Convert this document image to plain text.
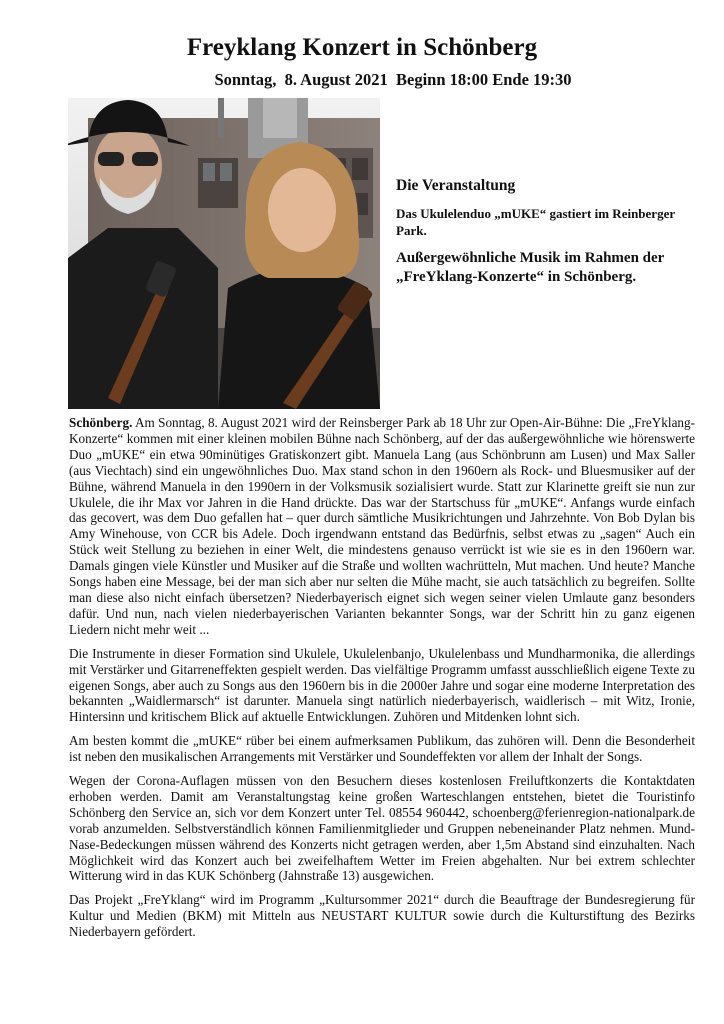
Freyklang Konzert in Schönberg
Sonntag,  8. August 2021  Beginn 18:00 Ende 19:30
Die Veranstaltung
Das Ukulelenduo „mUKE“ gastiert im Reinberger Park.
Außergewöhnliche Musik im Rahmen der „FreYklang-Konzerte“ in Schönberg.

Schönberg. Am Sonntag, 8. August 2021 wird der Reinsberger Park ab 18 Uhr zur Open-Air-Bühne: Die „FreYklang-Konzerte“ kommen mit einer kleinen mobilen Bühne nach Schönberg, auf der das außergewöhnliche wie hörenswerte Duo „mUKE“ ein etwa 90minütiges Gratiskonzert gibt. Manuela Lang (aus Schönbrunn am Lusen) und Max Saller (aus Viechtach) sind ein ungewöhnliches Duo. Max stand schon in den 1960ern als Rock- und Bluesmusiker auf der Bühne, während Manuela in den 1990ern in der Volksmusik sozialisiert wurde. Statt zur Klarinette greift sie nun zur Ukulele, die ihr Max vor Jahren in die Hand drückte. Das war der Startschuss für „mUKE“. Anfangs wurde einfach das gecovert, was dem Duo gefallen hat – quer durch sämtliche Musikrichtungen und Jahrzehnte. Von Bob Dylan bis Amy Winehouse, von CCR bis Adele. Doch irgendwann entstand das Bedürfnis, selbst etwas zu „sagen“ Auch ein Stück weit Stellung zu beziehen in einer Welt, die mindestens genauso verrückt ist wie sie es in den 1960ern war. Damals gingen viele Künstler und Musiker auf die Straße und wollten wachrütteln, Mut machen. Und heute? Manche Songs haben eine Message, bei der man sich aber nur selten die Mühe macht, sie auch tatsächlich zu begreifen. Sollte man diese also nicht einfach übersetzen? Niederbayerisch eignet sich wegen seiner vielen Umlaute ganz besonders dafür. Und nun, nach vielen niederbayerischen Varianten bekannter Songs, war der Schritt hin zu ganz eigenen Liedern nicht mehr weit ...

Die Instrumente in dieser Formation sind Ukulele, Ukulelenbanjo, Ukulelenbass und Mundharmonika, die allerdings mit Verstärker und Gitarreneffekten gespielt werden. Das vielfältige Programm umfasst ausschließlich eigene Texte zu eigenen Songs, aber auch zu Songs aus den 1960ern bis in die 2000er Jahre und sogar eine moderne Interpretation des bekannten „Waidlermarsch“ ist darunter. Manuela singt natürlich niederbayerisch, waidlerisch – mit Witz, Ironie, Hintersinn und kritischem Blick auf aktuelle Entwicklungen. Zuhören und Mitdenken lohnt sich.

Am besten kommt die „mUKE“ rüber bei einem aufmerksamen Publikum, das zuhören will. Denn die Besonderheit ist neben den musikalischen Arrangements mit Verstärker und Soundeffekten vor allem der Inhalt der Songs.

Wegen der Corona-Auflagen müssen von den Besuchern dieses kostenlosen Freiluftkonzerts die Kontaktdaten erhoben werden. Damit am Veranstaltungstag keine großen Warteschlangen entstehen, bietet die Touristinfo Schönberg den Service an, sich vor dem Konzert unter Tel. 08554 960442, schoenberg@ferienregion-nationalpark.de vorab anzumelden. Selbstverständlich können Familienmitglieder und Gruppen nebeneinander Platz nehmen. Mund-Nase-Bedeckungen müssen während des Konzerts nicht getragen werden, aber 1,5m Abstand sind einzuhalten. Nach Möglichkeit wird das Konzert auch bei zweifelhaftem Wetter im Freien abgehalten. Nur bei extrem schlechter Witterung wird in das KUK Schönberg (Jahnstraße 13) ausgewichen.

Das Projekt „FreYklang“ wird im Programm „Kultursommer 2021“ durch die Beauftrage der Bundesregierung für Kultur und Medien (BKM) mit Mitteln aus NEUSTART KULTUR sowie durch die Kulturstiftung des Bezirks Niederbayern gefördert.
